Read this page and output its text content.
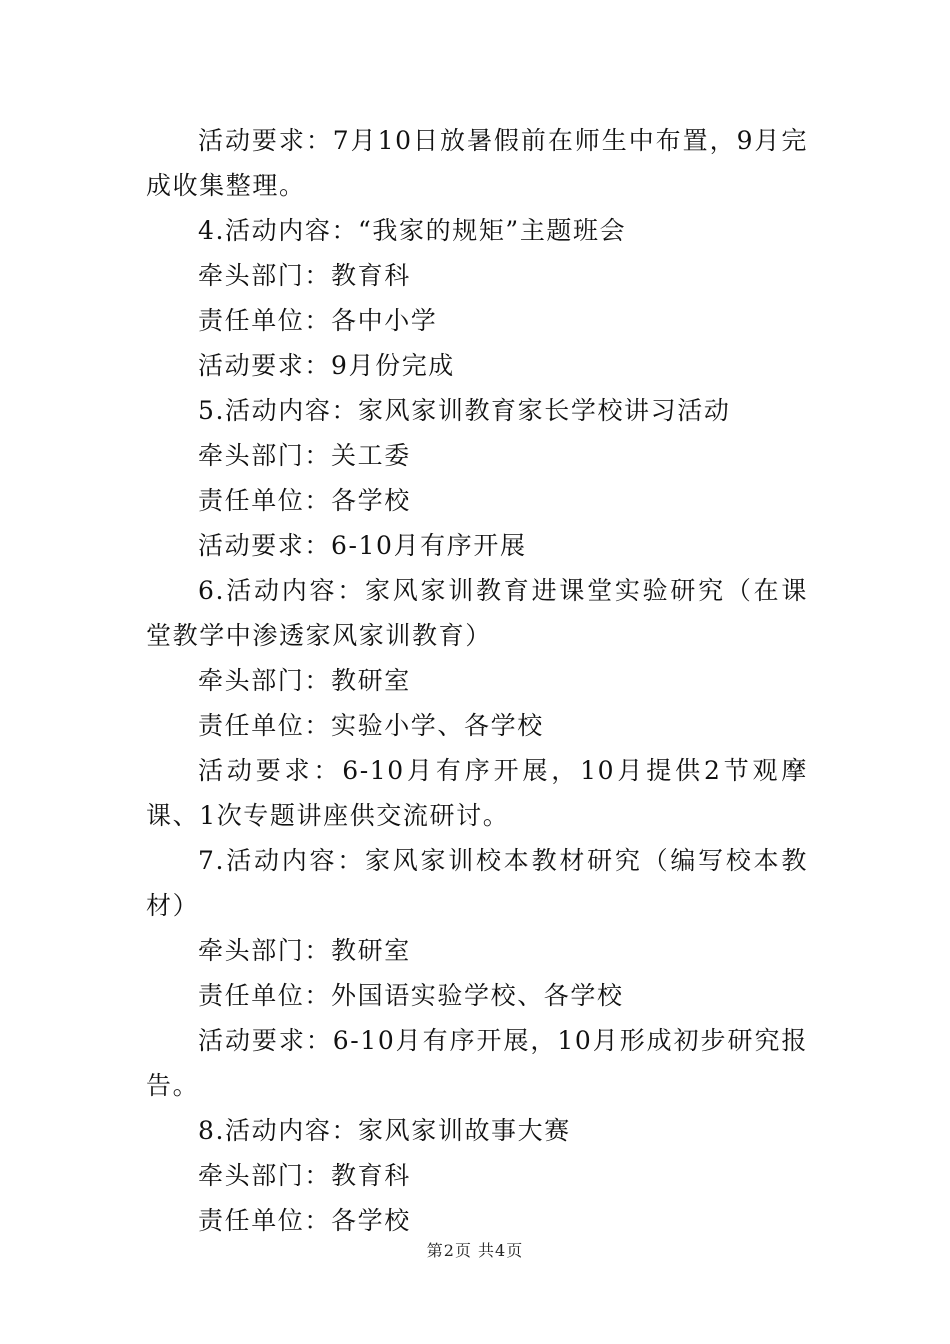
活动要求：7月10日放暑假前在师生中布置，9月完成收集整理。

4.活动内容：“我家的规矩”主题班会

牵头部门：教育科

责任单位：各中小学

活动要求：9月份完成

5.活动内容：家风家训教育家长学校讲习活动

牵头部门：关工委

责任单位：各学校

活动要求：6-10月有序开展

6.活动内容：家风家训教育进课堂实验研究（在课堂教学中渗透家风家训教育）

牵头部门：教研室

责任单位：实验小学、各学校

活动要求：6-10月有序开展，10月提供2节观摩课、1次专题讲座供交流研讨。

7.活动内容：家风家训校本教材研究（编写校本教材）

牵头部门：教研室

责任单位：外国语实验学校、各学校

活动要求：6-10月有序开展，10月形成初步研究报告。

8.活动内容：家风家训故事大赛

牵头部门：教育科

责任单位：各学校

第2页 共4页
